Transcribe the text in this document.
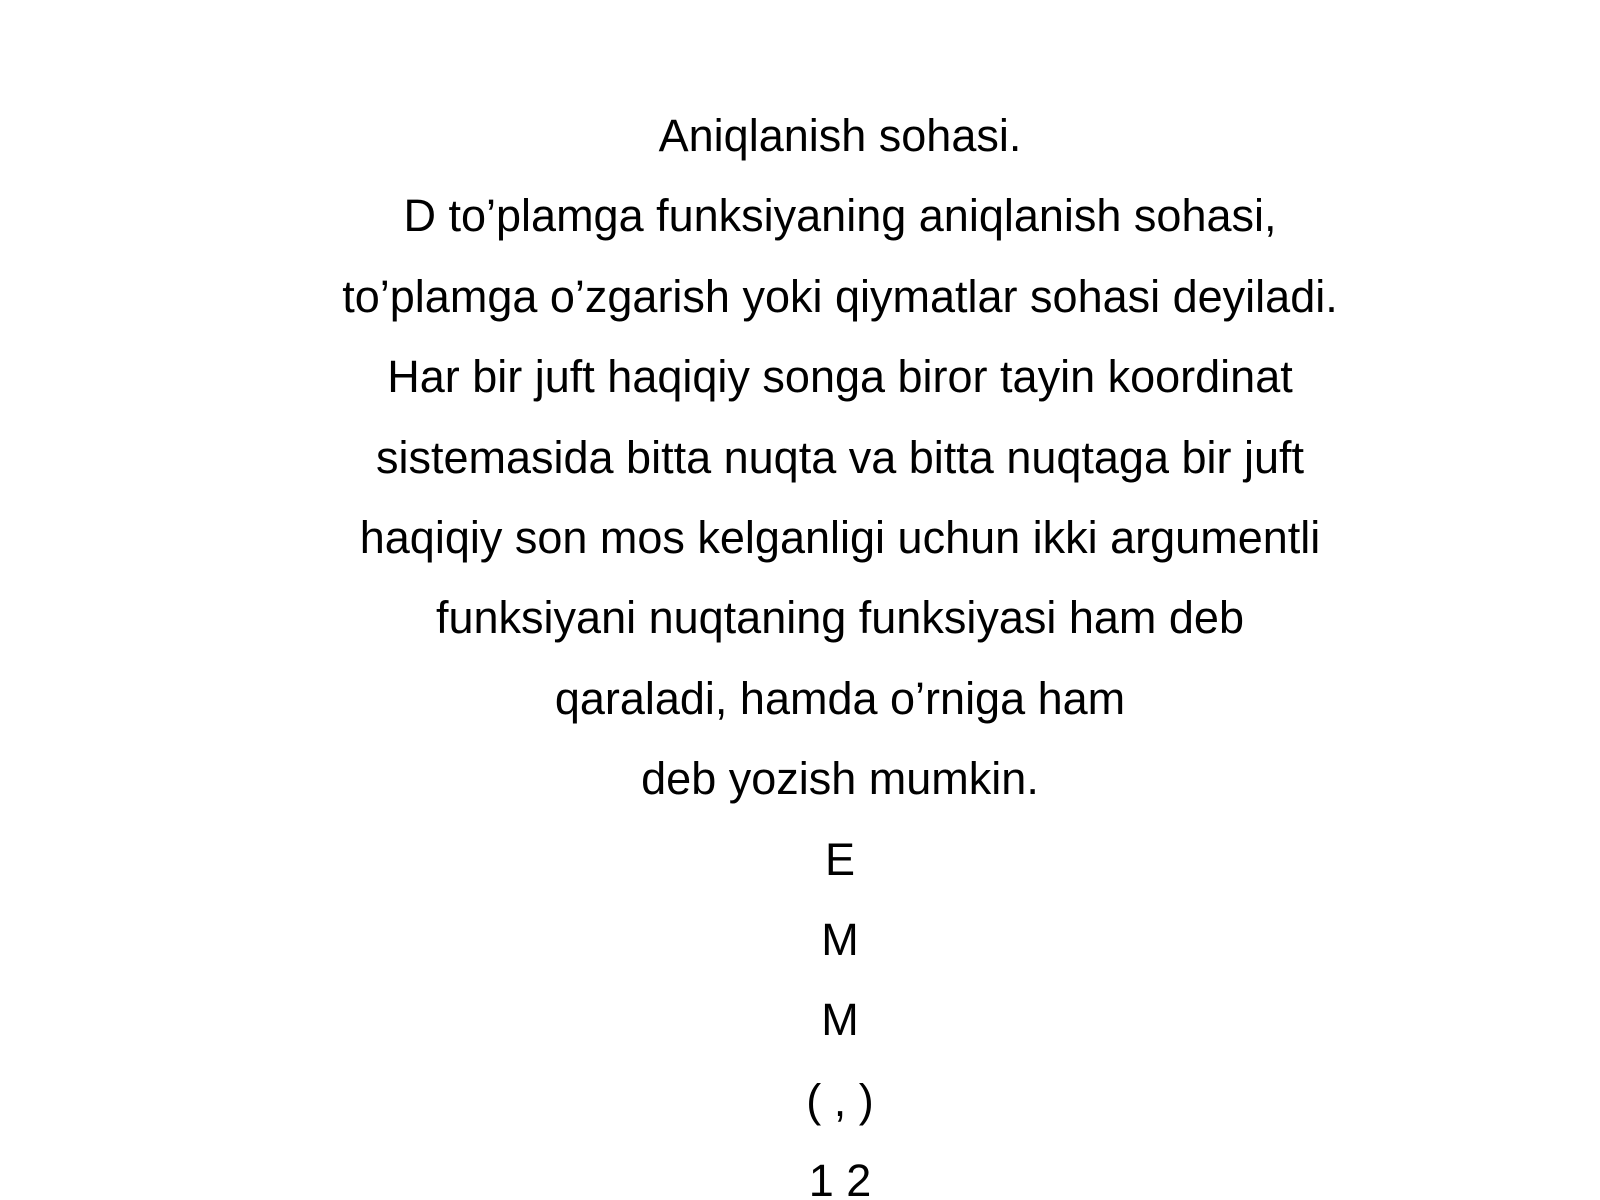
Aniqlanish sohasi.
D to’plamga funksiyaning aniqlanish sohasi,
to’plamga o’zgarish yoki qiymatlar sohasi deyiladi.
Har bir juft haqiqiy songa biror tayin koordinat
sistemasida bitta nuqta va bitta nuqtaga bir juft
haqiqiy son mos kelganligi uchun ikki argumentli
funksiyani nuqtaning funksiyasi ham deb
qaraladi, hamda o’rniga ham
deb yozish mumkin.
E
M
M
( , )
1 2
